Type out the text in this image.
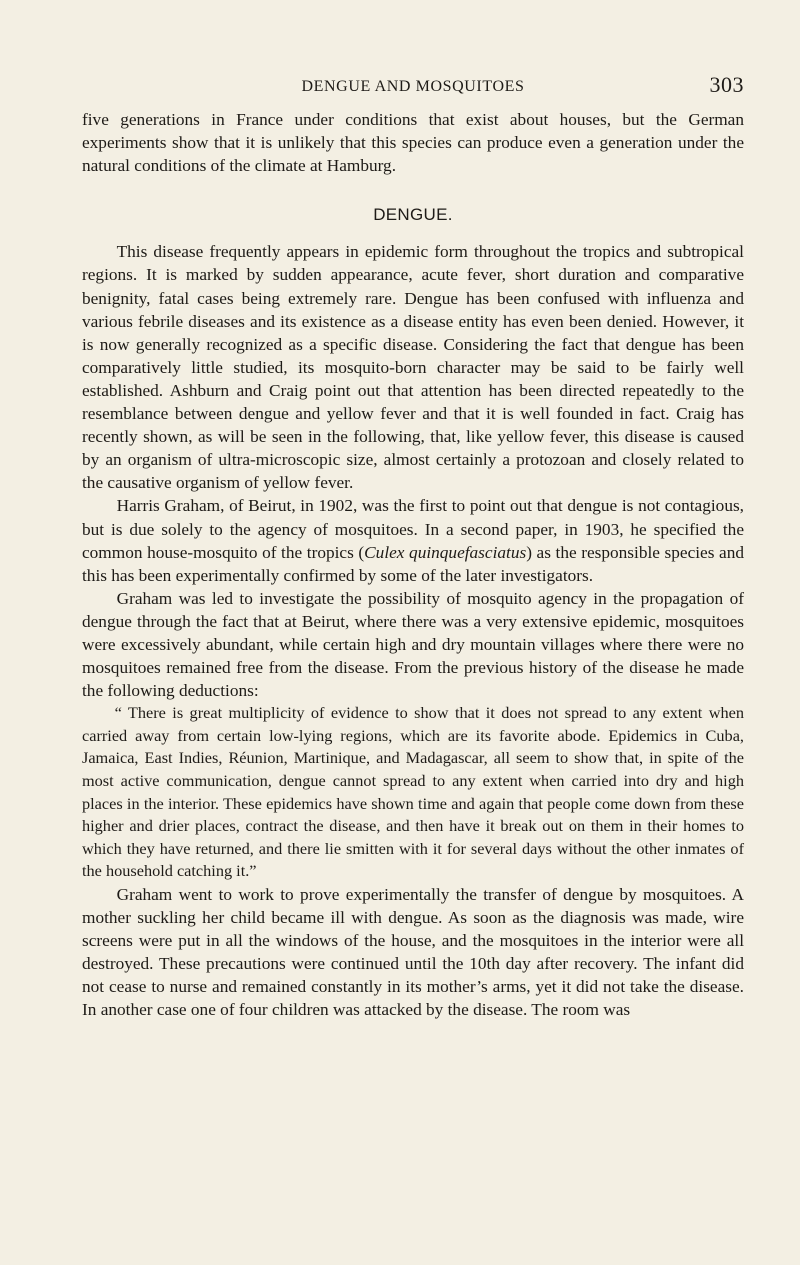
DENGUE AND MOSQUITOES	303

five generations in France under conditions that exist about houses, but the German experiments show that it is unlikely that this species can produce even a generation under the natural conditions of the climate at Hamburg.

DENGUE.

This disease frequently appears in epidemic form throughout the tropics and subtropical regions. It is marked by sudden appearance, acute fever, short duration and comparative benignity, fatal cases being extremely rare. Dengue has been confused with influenza and various febrile diseases and its existence as a disease entity has even been denied. However, it is now generally recognized as a specific disease. Considering the fact that dengue has been comparatively little studied, its mosquito-born character may be said to be fairly well established. Ashburn and Craig point out that attention has been directed repeatedly to the resemblance between dengue and yellow fever and that it is well founded in fact. Craig has recently shown, as will be seen in the following, that, like yellow fever, this disease is caused by an organism of ultra-microscopic size, almost certainly a protozoan and closely related to the causative organism of yellow fever.

Harris Graham, of Beirut, in 1902, was the first to point out that dengue is not contagious, but is due solely to the agency of mosquitoes. In a second paper, in 1903, he specified the common house-mosquito of the tropics (Culex quinquefasciatus) as the responsible species and this has been experimentally confirmed by some of the later investigators.

Graham was led to investigate the possibility of mosquito agency in the propagation of dengue through the fact that at Beirut, where there was a very extensive epidemic, mosquitoes were excessively abundant, while certain high and dry mountain villages where there were no mosquitoes remained free from the disease. From the previous history of the disease he made the following deductions:

“ There is great multiplicity of evidence to show that it does not spread to any extent when carried away from certain low-lying regions, which are its favorite abode. Epidemics in Cuba, Jamaica, East Indies, Réunion, Martinique, and Madagascar, all seem to show that, in spite of the most active communication, dengue cannot spread to any extent when carried into dry and high places in the interior. These epidemics have shown time and again that people come down from these higher and drier places, contract the disease, and then have it break out on them in their homes to which they have returned, and there lie smitten with it for several days without the other inmates of the household catching it.”

Graham went to work to prove experimentally the transfer of dengue by mosquitoes. A mother suckling her child became ill with dengue. As soon as the diagnosis was made, wire screens were put in all the windows of the house, and the mosquitoes in the interior were all destroyed. These precautions were continued until the 10th day after recovery. The infant did not cease to nurse and remained constantly in its mother’s arms, yet it did not take the disease. In another case one of four children was attacked by the disease. The room was
